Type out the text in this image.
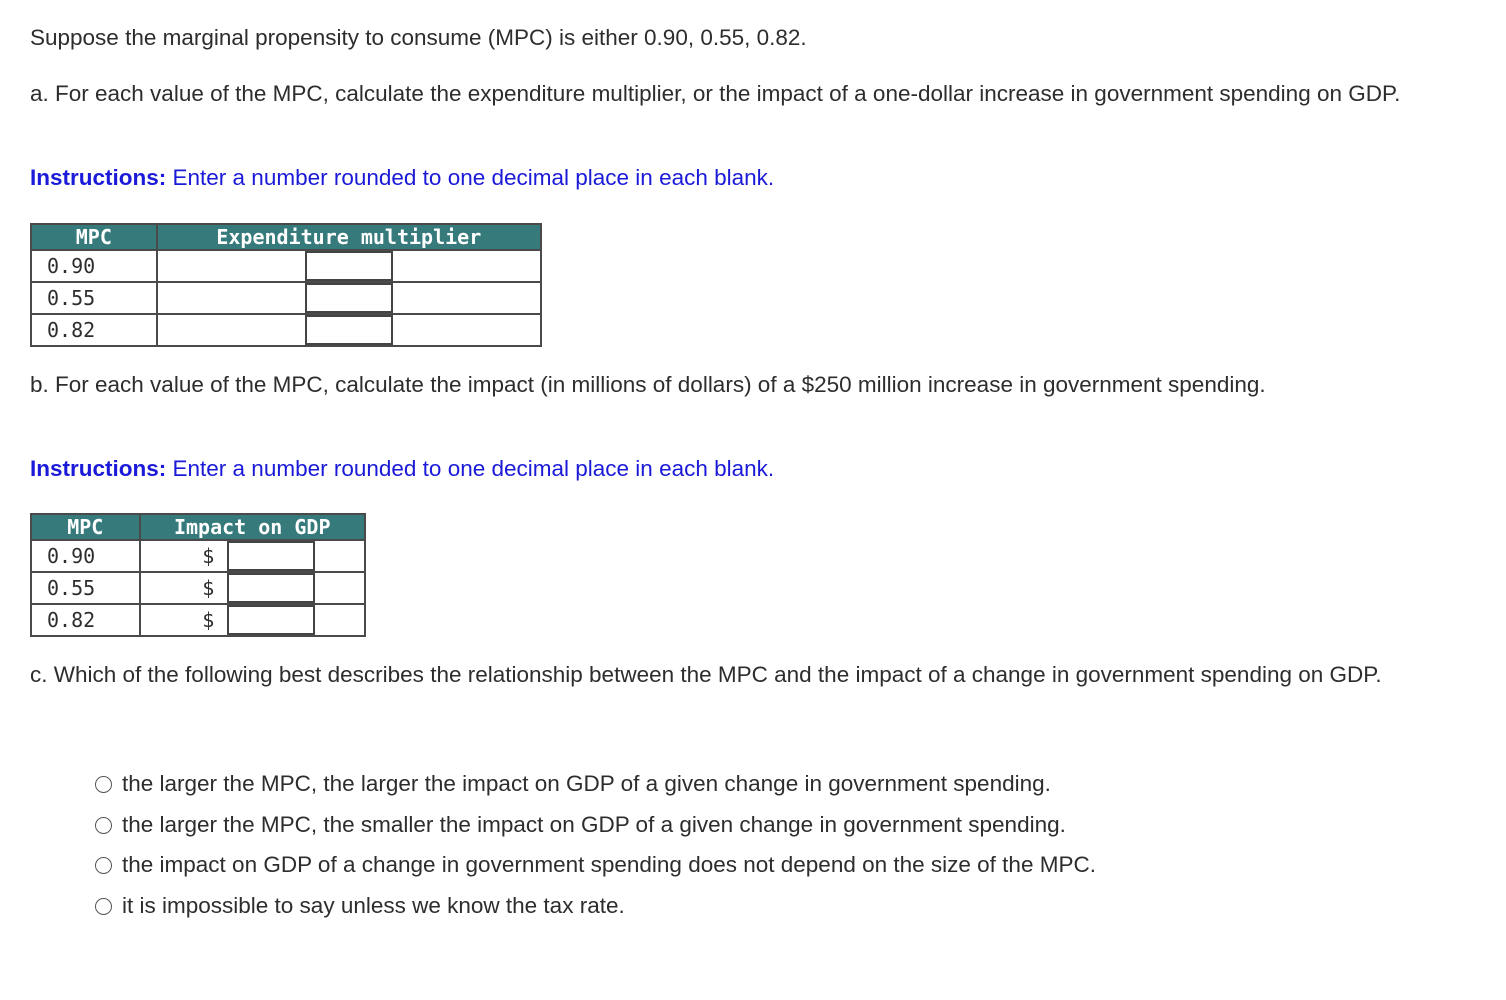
Suppose the marginal propensity to consume (MPC) is either 0.90, 0.55, 0.82.

a. For each value of the MPC, calculate the expenditure multiplier, or the impact of a one-dollar increase in government spending on GDP.

Instructions: Enter a number rounded to one decimal place in each blank.

MPC	Expenditure multiplier
0.90	
0.55	
0.82	

b. For each value of the MPC, calculate the impact (in millions of dollars) of a $250 million increase in government spending.

Instructions: Enter a number rounded to one decimal place in each blank.

MPC	Impact on GDP
0.90	$
0.55	$
0.82	$

c. Which of the following best describes the relationship between the MPC and the impact of a change in government spending on GDP.

the larger the MPC, the larger the impact on GDP of a given change in government spending.
the larger the MPC, the smaller the impact on GDP of a given change in government spending.
the impact on GDP of a change in government spending does not depend on the size of the MPC.
it is impossible to say unless we know the tax rate.
